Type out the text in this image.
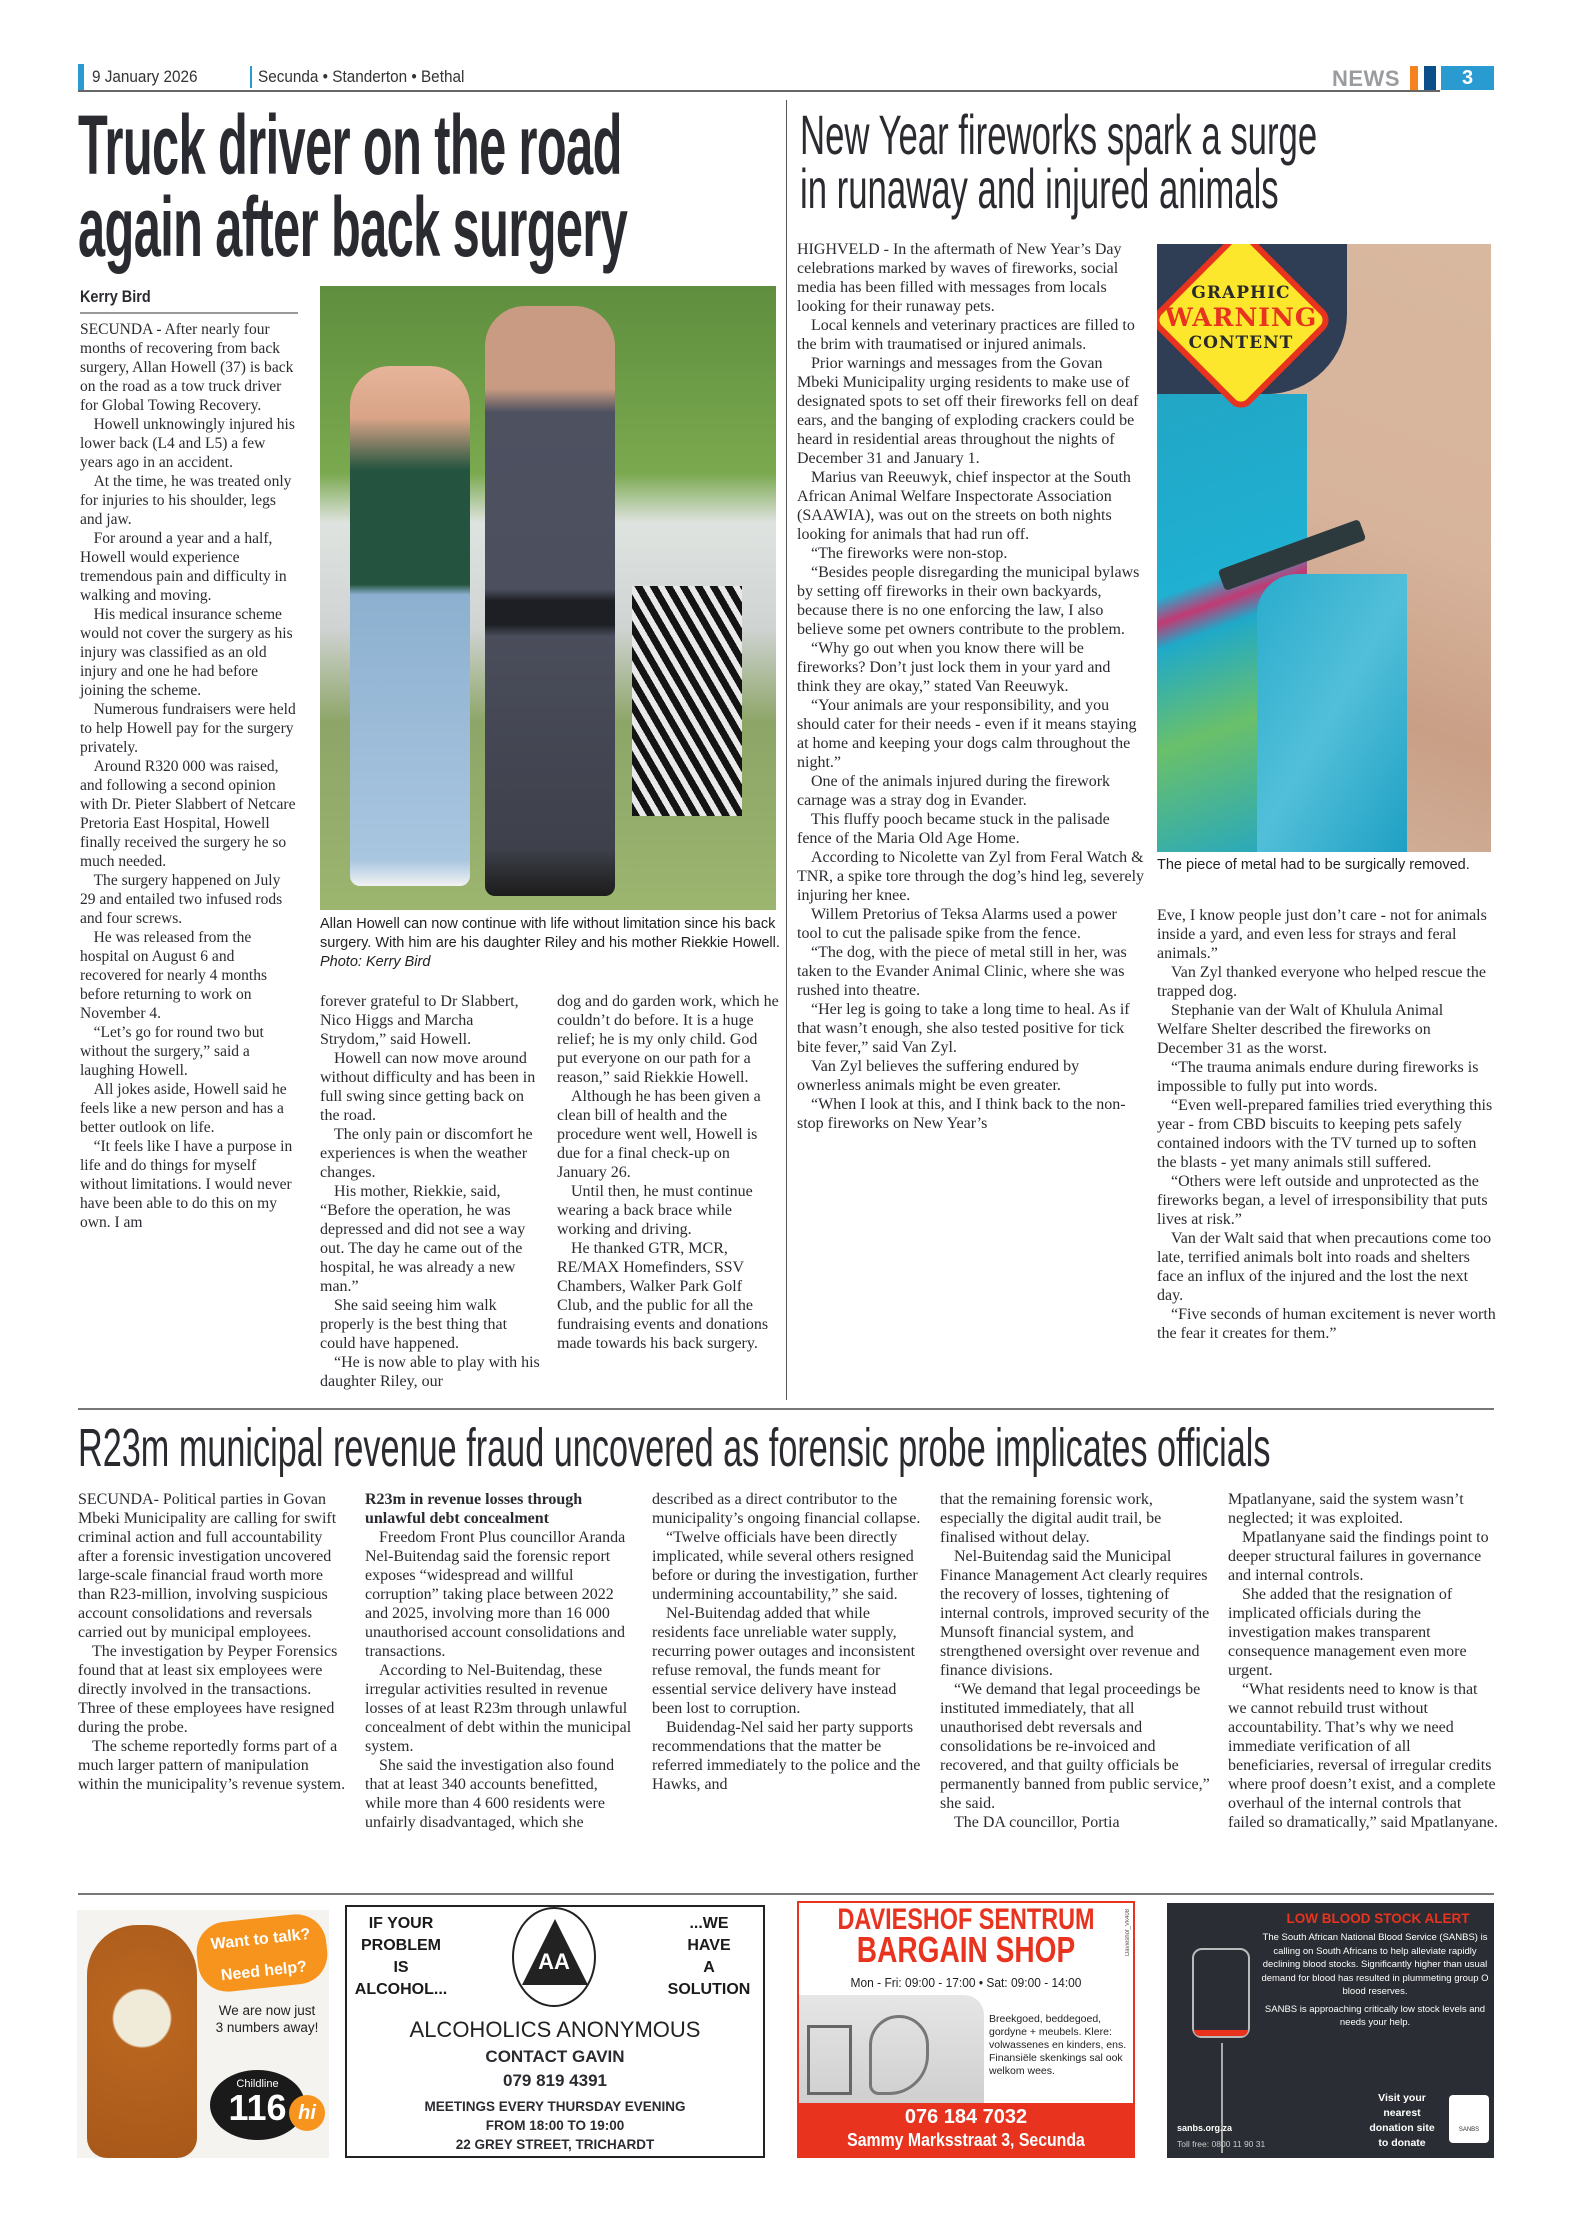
9 January 2026	Secunda • Standerton • Bethal	NEWS	3
Truck driver on the road
again after back surgery
Kerry Bird

SECUNDA - After nearly four months of recovering from back surgery, Allan Howell (37) is back on the road as a tow truck driver for Global Towing Recovery.

Howell unknowingly injured his lower back (L4 and L5) a few years ago in an accident.

At the time, he was treated only for injuries to his shoulder, legs and jaw.

For around a year and a half, Howell would experience tremendous pain and difficulty in walking and moving.

His medical insurance scheme would not cover the surgery as his injury was classified as an old injury and one he had before joining the scheme.

Numerous fundraisers were held to help Howell pay for the surgery privately.

Around R320 000 was raised, and following a second opinion with Dr. Pieter Slabbert of Netcare Pretoria East Hospital, Howell finally received the surgery he so much needed.

The surgery happened on July 29 and entailed two infused rods and four screws.

He was released from the hospital on August 6 and recovered for nearly 4 months before returning to work on November 4.

“Let’s go for round two but without the surgery,” said a laughing Howell.

All jokes aside, Howell said he feels like a new person and has a better outlook on life.

“It feels like I have a purpose in life and do things for myself without limitations. I would never have been able to do this on my own. I am

Allan Howell can now continue with life without limitation since his back surgery. With him are his daughter Riley and his mother Riekkie Howell. Photo: Kerry Bird

forever grateful to Dr Slabbert, Nico Higgs and Marcha Strydom,” said Howell.

Howell can now move around without difficulty and has been in full swing since getting back on the road.

The only pain or discomfort he experiences is when the weather changes.

His mother, Riekkie, said, “Before the operation, he was depressed and did not see a way out. The day he came out of the hospital, he was already a new man.”

She said seeing him walk properly is the best thing that could have happened.

“He is now able to play with his daughter Riley, our

dog and do garden work, which he couldn’t do before. It is a huge relief; he is my only child. God put everyone on our path for a reason,” said Riekkie Howell.

Although he has been given a clean bill of health and the procedure went well, Howell is due for a final check-up on January 26.

Until then, he must continue wearing a back brace while working and driving.

He thanked GTR, MCR, RE/MAX Homefinders, SSV Chambers, Walker Park Golf Club, and the public for all the fundraising events and donations made towards his back surgery.

New Year fireworks spark a surge
in runaway and injured animals

HIGHVELD - In the aftermath of New Year’s Day celebrations marked by waves of fireworks, social media has been filled with messages from locals looking for their runaway pets.

Local kennels and veterinary practices are filled to the brim with traumatised or injured animals.

Prior warnings and messages from the Govan Mbeki Municipality urging residents to make use of designated spots to set off their fireworks fell on deaf ears, and the banging of exploding crackers could be heard in residential areas throughout the nights of December 31 and January 1.

Marius van Reeuwyk, chief inspector at the South African Animal Welfare Inspectorate Association (SAAWIA), was out on the streets on both nights looking for animals that had run off.

“The fireworks were non-stop.

“Besides people disregarding the municipal bylaws by setting off fireworks in their own backyards, because there is no one enforcing the law, I also believe some pet owners contribute to the problem.

“Why go out when you know there will be fireworks? Don’t just lock them in your yard and think they are okay,” stated Van Reeuwyk.

“Your animals are your responsibility, and you should cater for their needs - even if it means staying at home and keeping your dogs calm throughout the night.”

One of the animals injured during the firework carnage was a stray dog in Evander.

This fluffy pooch became stuck in the palisade fence of the Maria Old Age Home.

According to Nicolette van Zyl from Feral Watch & TNR, a spike tore through the dog’s hind leg, severely injuring her knee.

Willem Pretorius of Teksa Alarms used a power tool to cut the palisade spike from the fence.

“The dog, with the piece of metal still in her, was taken to the Evander Animal Clinic, where she was rushed into theatre.

“Her leg is going to take a long time to heal. As if that wasn’t enough, she also tested positive for tick bite fever,” said Van Zyl.

Van Zyl believes the suffering endured by ownerless animals might be even greater.

“When I look at this, and I think back to the non-stop fireworks on New Year’s

GRAPHIC
WARNING
CONTENT
The piece of metal had to be surgically removed.

Eve, I know people just don’t care - not for animals inside a yard, and even less for strays and feral animals.”

Van Zyl thanked everyone who helped rescue the trapped dog.

Stephanie van der Walt of Khulula Animal Welfare Shelter described the fireworks on December 31 as the worst.

“The trauma animals endure during fireworks is impossible to fully put into words.

“Even well-prepared families tried everything this year - from CBD biscuits to keeping pets safely contained indoors with the TV turned up to soften the blasts - yet many animals still suffered.

“Others were left outside and unprotected as the fireworks began, a level of irresponsibility that puts lives at risk.”

Van der Walt said that when precautions come too late, terrified animals bolt into roads and shelters face an influx of the injured and the lost the next day.

“Five seconds of human excitement is never worth the fear it creates for them.”

R23m municipal revenue fraud uncovered as forensic probe implicates officials

SECUNDA- Political parties in Govan Mbeki Municipality are calling for swift criminal action and full accountability after a forensic investigation uncovered large-scale financial fraud worth more than R23-million, involving suspicious account consolidations and reversals carried out by municipal employees.

The investigation by Peyper Forensics found that at least six employees were directly involved in the transactions. Three of these employees have resigned during the probe.

The scheme reportedly forms part of a much larger pattern of manipulation within the municipality’s revenue system.

R23m in revenue losses through unlawful debt concealment

Freedom Front Plus councillor Aranda Nel-Buitendag said the forensic report exposes “widespread and willful corruption” taking place between 2022 and 2025, involving more than 16 000 unauthorised account consolidations and transactions.

According to Nel-Buitendag, these irregular activities resulted in revenue losses of at least R23m through unlawful concealment of debt within the municipal system.

She said the investigation also found that at least 340 accounts benefitted, while more than 4 600 residents were unfairly disadvantaged, which she

described as a direct contributor to the municipality’s ongoing financial collapse.

“Twelve officials have been directly implicated, while several others resigned before or during the investigation, further undermining accountability,” she said.

Nel-Buitendag added that while residents face unreliable water supply, recurring power outages and inconsistent refuse removal, the funds meant for essential service delivery have instead been lost to corruption.

Buidendag-Nel said her party supports recommendations that the matter be referred immediately to the police and the Hawks, and

that the remaining forensic work, especially the digital audit trail, be finalised without delay.

Nel-Buitendag said the Municipal Finance Management Act clearly requires the recovery of losses, tightening of internal controls, improved security of the Munsoft financial system, and strengthened oversight over revenue and finance divisions.

“We demand that legal proceedings be instituted immediately, that all unauthorised debt reversals and consolidations be re-invoiced and recovered, and that guilty officials be permanently banned from public service,” she said.

The DA councillor, Portia

Mpatlanyane, said the system wasn’t neglected; it was exploited.

Mpatlanyane said the findings point to deeper structural failures in governance and internal controls.

She added that the resignation of implicated officials during the investigation makes transparent consequence management even more urgent.

“What residents need to know is that we cannot rebuild trust without accountability. That’s why we need immediate verification of all beneficiaries, reversal of irregular credits where proof doesn’t exist, and a complete overhaul of the internal controls that failed so dramatically,” said Mpatlanyane.

Want to talk?
Need help?
We are now just
3 numbers away!
Childline
116 hi
IF YOUR
PROBLEM
IS
ALCOHOL...
AA
...WE
HAVE
A
SOLUTION
ALCOHOLICS ANONYMOUS
CONTACT GAVIN
079 819 4391
MEETINGS EVERY THURSDAY EVENING
FROM 18:00 TO 19:00
22 GREY STREET, TRICHARDT
DAVIESHOF SENTRUM
BARGAIN SHOP	Davieshof_Vk408
Mon - Fri: 09:00 - 17:00 • Sat: 09:00 - 14:00
Breekgoed, beddegoed, gordyne + meubels. Klere: volwassenes en kinders, ens. Finansiële skenkings sal ook welkom wees.
076 184 7032
Sammy Marksstraat 3, Secunda
LOW BLOOD STOCK ALERT

The South African National Blood Service (SANBS) is calling on South Africans to help alleviate rapidly declining blood stocks. Significantly higher than usual demand for blood has resulted in plummeting group O blood reserves.

SANBS is approaching critically low stock levels and needs your help.

Visit your nearest donation site to donate
SANBS
sanbs.org.za
Toll free: 0800 11 90 31
